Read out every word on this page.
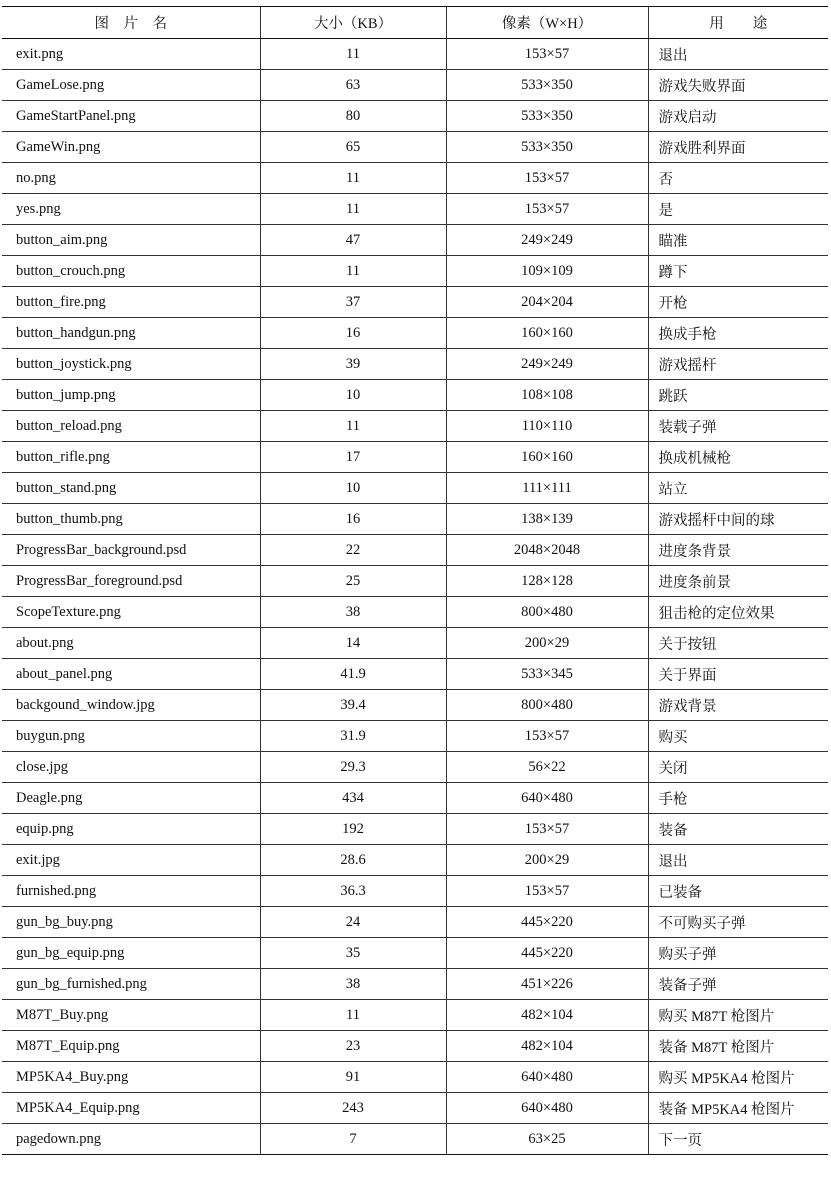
图　片　名	大小（KB）	像素（W×H）	用　　途
exit.png	11	153×57	退出
GameLose.png	63	533×350	游戏失败界面
GameStartPanel.png	80	533×350	游戏启动
GameWin.png	65	533×350	游戏胜利界面
no.png	11	153×57	否
yes.png	11	153×57	是
button_aim.png	47	249×249	瞄准
button_crouch.png	11	109×109	蹲下
button_fire.png	37	204×204	开枪
button_handgun.png	16	160×160	换成手枪
button_joystick.png	39	249×249	游戏摇杆
button_jump.png	10	108×108	跳跃
button_reload.png	11	110×110	装载子弹
button_rifle.png	17	160×160	换成机械枪
button_stand.png	10	111×111	站立
button_thumb.png	16	138×139	游戏摇杆中间的球
ProgressBar_background.psd	22	2048×2048	进度条背景
ProgressBar_foreground.psd	25	128×128	进度条前景
ScopeTexture.png	38	800×480	狙击枪的定位效果
about.png	14	200×29	关于按钮
about_panel.png	41.9	533×345	关于界面
backgound_window.jpg	39.4	800×480	游戏背景
buygun.png	31.9	153×57	购买
close.jpg	29.3	56×22	关闭
Deagle.png	434	640×480	手枪
equip.png	192	153×57	装备
exit.jpg	28.6	200×29	退出
furnished.png	36.3	153×57	已装备
gun_bg_buy.png	24	445×220	不可购买子弹
gun_bg_equip.png	35	445×220	购买子弹
gun_bg_furnished.png	38	451×226	装备子弹
M87T_Buy.png	11	482×104	购买 M87T 枪图片
M87T_Equip.png	23	482×104	装备 M87T 枪图片
MP5KA4_Buy.png	91	640×480	购买 MP5KA4 枪图片
MP5KA4_Equip.png	243	640×480	装备 MP5KA4 枪图片
pagedown.png	7	63×25	下一页
